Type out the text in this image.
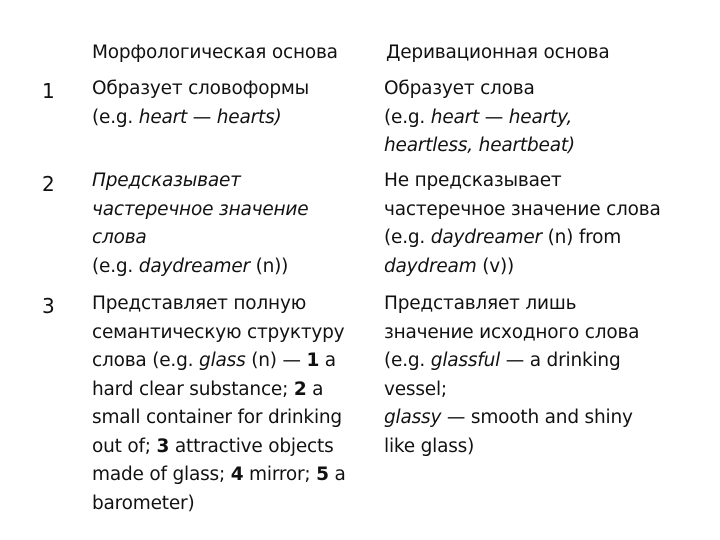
Морфологическая основа	Деривационная основа
1 Образует словоформы
(e.g. heart — hearts)
Образует слова
(e.g. heart — hearty,
heartless, heartbeat)
2 Предсказывает
частеречное значение
слова
(e.g. daydreamer (n))
Не предсказывает
частеречное значение слова
(e.g. daydreamer (n) from
daydream (v))
3 Представляет полную
семантическую структуру
слова (e.g. glass (n) — 1 a
hard clear substance; 2 a
small container for drinking
out of; 3 attractive objects
made of glass; 4 mirror; 5 a
barometer)
Представляет лишь
значение исходного слова
(e.g. glassful — a drinking
vessel;
glassy — smooth and shiny
like glass)
